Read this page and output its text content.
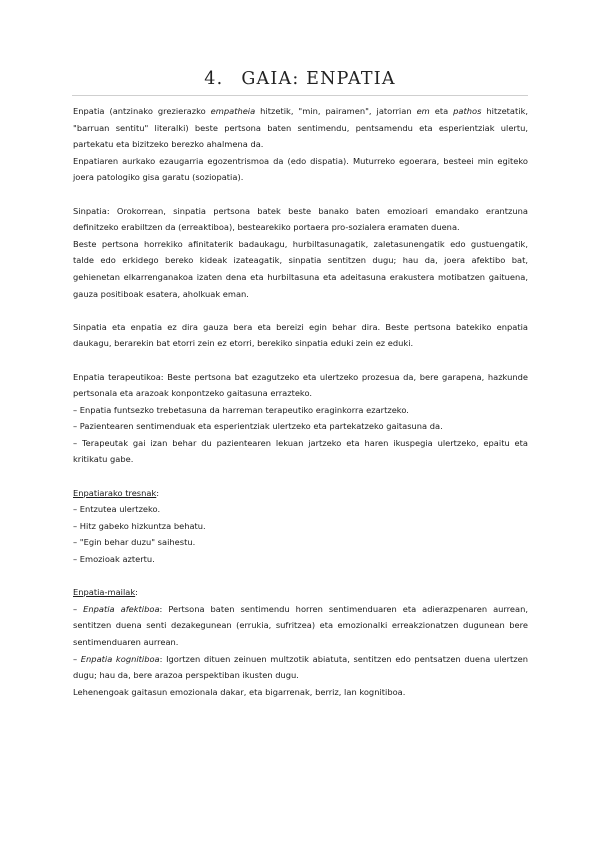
4. GAIA: ENPATIA

Enpatia (antzinako grezierazko empatheia hitzetik, "min, pairamen", jatorrian em eta pathos hitzetatik, "barruan sentitu" literalki) beste pertsona baten sentimendu, pentsamendu eta esperientziak ulertu, partekatu eta bizitzeko berezko ahalmena da.

Enpatiaren aurkako ezaugarria egozentrismoa da (edo dispatia). Muturreko egoerara, besteei min egiteko joera patologiko gisa garatu (soziopatia).

Sinpatia: Orokorrean, sinpatia pertsona batek beste banako baten emozioari emandako erantzuna definitzeko erabiltzen da (erreaktiboa), bestearekiko portaera pro-sozialera eramaten duena.

Beste pertsona horrekiko afinitaterik badaukagu, hurbiltasunagatik, zaletasunengatik edo gustuengatik, talde edo erkidego bereko kideak izateagatik, sinpatia sentitzen dugu; hau da, joera afektibo bat, gehienetan elkarrenganakoa izaten dena eta hurbiltasuna eta adeitasuna erakustera motibatzen gaituena, gauza positiboak esatera, aholkuak eman.

Sinpatia eta enpatia ez dira gauza bera eta bereizi egin behar dira. Beste pertsona batekiko enpatia daukagu, berarekin bat etorri zein ez etorri, berekiko sinpatia eduki zein ez eduki.

Enpatia terapeutikoa: Beste pertsona bat ezagutzeko eta ulertzeko prozesua da, bere garapena, hazkunde pertsonala eta arazoak konpontzeko gaitasuna errazteko.

– Enpatia funtsezko trebetasuna da harreman terapeutiko eraginkorra ezartzeko.

– Pazientearen sentimenduak eta esperientziak ulertzeko eta partekatzeko gaitasuna da.

– Terapeutak gai izan behar du pazientearen lekuan jartzeko eta haren ikuspegia ulertzeko, epaitu eta kritikatu gabe.

Enpatiarako tresnak:

– Entzutea ulertzeko.

– Hitz gabeko hizkuntza behatu.

– "Egin behar duzu" saihestu.

– Emozioak aztertu.

Enpatia-mailak:

– Enpatia afektiboa: Pertsona baten sentimendu horren sentimenduaren eta adierazpenaren aurrean, sentitzen duena senti dezakegunean (errukia, sufritzea) eta emozionalki erreakzionatzen dugunean bere sentimenduaren aurrean.

– Enpatia kognitiboa: Igortzen dituen zeinuen multzotik abiatuta, sentitzen edo pentsatzen duena ulertzen dugu; hau da, bere arazoa perspektiban ikusten dugu.

Lehenengoak gaitasun emozionala dakar, eta bigarrenak, berriz, lan kognitiboa.
